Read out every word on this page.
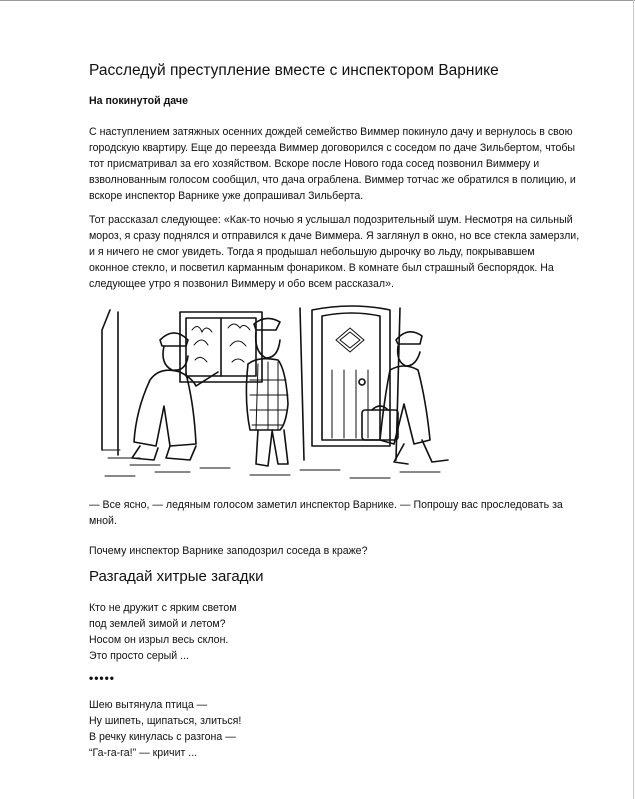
Расследуй преступление вместе с инспектором Варнике
На покинутой даче

С наступлением затяжных осенних дождей семейство Виммер покинуло дачу и вернулось в свою

городскую квартиру. Еще до переезда Виммер договорился с соседом по даче Зильбертом, чтобы

тот присматривал за его хозяйством. Вскоре после Нового года сосед позвонил Виммеру и

взволнованным голосом сообщил, что дача ограблена. Виммер тотчас же обратился в полицию, и

вскоре инспектор Варнике уже допрашивал Зильберта.

Тот рассказал следующее: «Как-то ночью я услышал подозрительный шум. Несмотря на сильный

мороз, я сразу поднялся и отправился к даче Виммера. Я заглянул в окно, но все стекла замерзли,

и я ничего не смог увидеть. Тогда я продышал небольшую дырочку во льду, покрывавшем

оконное стекло, и посветил карманным фонариком. В комнате был страшный беспорядок. На

следующее утро я позвонил Виммеру и обо всем рассказал».

— Все ясно, — ледяным голосом заметил инспектор Варнике. — Попрошу вас проследовать за

мной.

Почему инспектор Варнике заподозрил соседа в краже?
Разгадай хитрые загадки

Кто не дружит с ярким светом

под землей зимой и летом?

Носом он изрыл весь склон.

Это просто серый ...

•••••

Шею вытянула птица —

Ну шипеть, щипаться, злиться!

В речку кинулась с разгона —

“Га-га-га!” — кричит ...
